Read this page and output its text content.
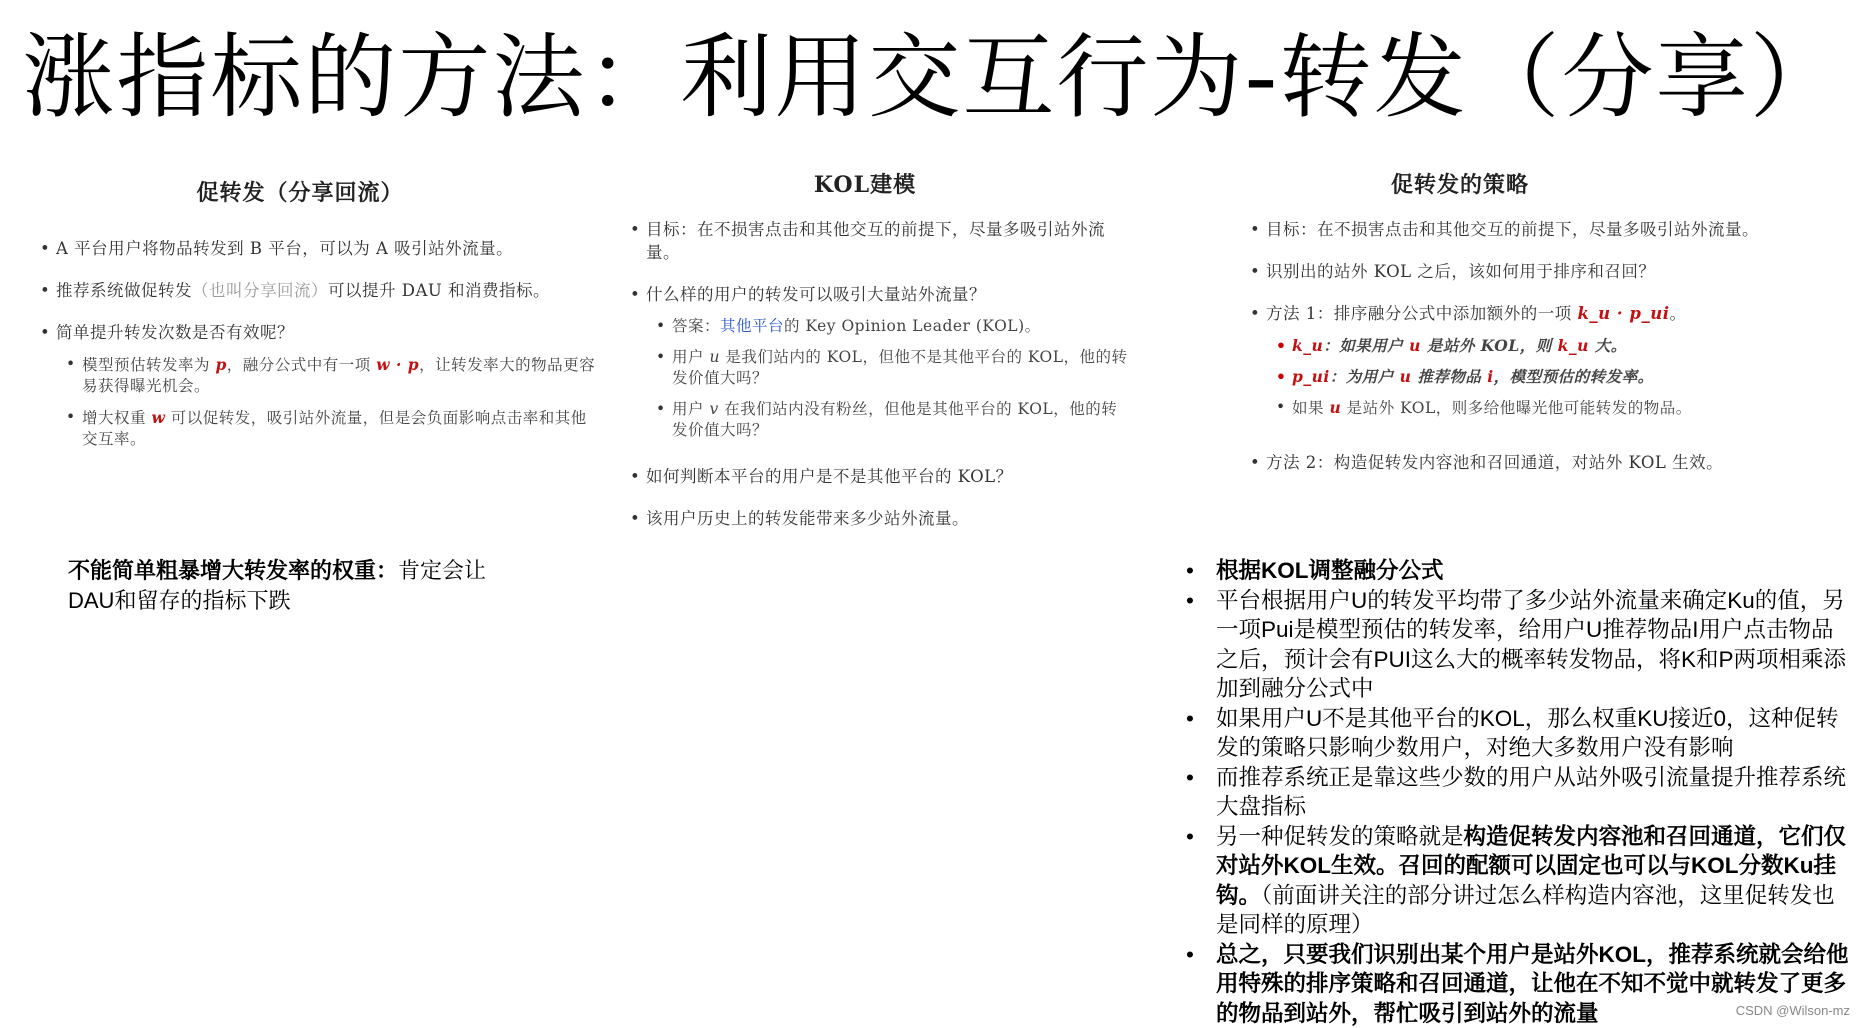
涨指标的方法：利用交互行为-转发（分享）
促转发（分享回流）
• A 平台用户将物品转发到 B 平台，可以为 A 吸引站外流量。
• 推荐系统做促转发（也叫分享回流）可以提升 DAU 和消费指标。
• 简单提升转发次数是否有效呢？
• 模型预估转发率为 p，融分公式中有一项 w · p，让转发率大的物品更容易获得曝光机会。
• 增大权重 w 可以促转发，吸引站外流量，但是会负面影响点击率和其他交互率。
KOL建模
• 目标：在不损害点击和其他交互的前提下，尽量多吸引站外流量。
• 什么样的用户的转发可以吸引大量站外流量？
• 答案：其他平台的 Key Opinion Leader (KOL)。
• 用户 u 是我们站内的 KOL，但他不是其他平台的 KOL，他的转发价值大吗？
• 用户 v 在我们站内没有粉丝，但他是其他平台的 KOL，他的转发价值大吗？
• 如何判断本平台的用户是不是其他平台的 KOL？
• 该用户历史上的转发能带来多少站外流量。
促转发的策略
• 目标：在不损害点击和其他交互的前提下，尽量多吸引站外流量。
• 识别出的站外 KOL 之后，该如何用于排序和召回？
• 方法 1：排序融分公式中添加额外的一项 k_u · p_ui。
• k_u：如果用户 u 是站外 KOL，则 k_u 大。
• p_ui：为用户 u 推荐物品 i，模型预估的转发率。
• 如果 u 是站外 KOL，则多给他曝光他可能转发的物品。
• 方法 2：构造促转发内容池和召回通道，对站外 KOL 生效。
不能简单粗暴增大转发率的权重：肯定会让DAU和留存的指标下跌
• 根据KOL调整融分公式
• 平台根据用户U的转发平均带了多少站外流量来确定Ku的值，另一项Pui是模型预估的转发率，给用户U推荐物品I用户点击物品之后，预计会有PUI这么大的概率转发物品，将K和P两项相乘添加到融分公式中
• 如果用户U不是其他平台的KOL，那么权重KU接近0，这种促转发的策略只影响少数用户，对绝大多数用户没有影响
• 而推荐系统正是靠这些少数的用户从站外吸引流量提升推荐系统大盘指标
• 另一种促转发的策略就是构造促转发内容池和召回通道，它们仅对站外KOL生效。召回的配额可以固定也可以与KOL分数Ku挂钩。（前面讲关注的部分讲过怎么样构造内容池，这里促转发也是同样的原理）
• 总之，只要我们识别出某个用户是站外KOL，推荐系统就会给他用特殊的排序策略和召回通道，让他在不知不觉中就转发了更多的物品到站外，帮忙吸引到站外的流量	CSDN @Wilson-mz
